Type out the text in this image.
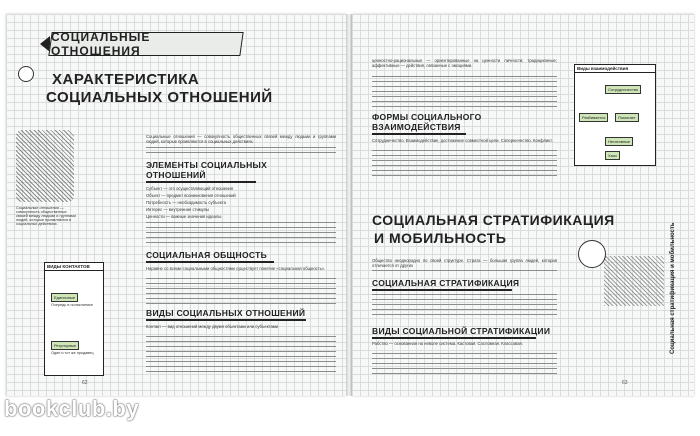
СОЦИАЛЬНЫЕ ОТНОШЕНИЯ
ХАРАКТЕРИСТИКА
СОЦИАЛЬНЫХ ОТНОШЕНИЙ
Социальные отношения — совокупность общественных связей между людьми и группами людей, которые проявляются в социальных действиях.
Социальные отношения — совокупность общественных связей между людьми и группами людей, которые проявляются в социальных действиях.
ЭЛЕМЕНТЫ СОЦИАЛЬНЫХ
ОТНОШЕНИЙ
Субъект — это осуществляющий отношения
Объект — предмет возникновения отношений
Потребность — необходимость субъекта
Интерес — внутренние стимулы
Ценности — важные значения идеалы
СОЦИАЛЬНАЯ ОБЩНОСТЬ
Наравне со всеми социальными общностями существует понятие «социальная общность».
ВИДЫ СОЦИАЛЬНЫХ ОТНОШЕНИЙ
Контакт — вид отношений между двумя объектами или субъектами
ВИДЫ КОНТАКТОВ
Единичные
Очередь в поликлинике
Регулярные
Один и тот же продавец
62
ценностно-рациональные — ориентированные на ценности личности; традиционные; аффективные — действия, связанные с эмоциями.
ФОРМЫ СОЦИАЛЬНОГО
ВЗАИМОДЕЙСТВИЯ
Сотрудничество. Взаимодействие, достижение совместной цели. Соперничество. Конфликт.
СОЦИАЛЬНАЯ СТРАТИФИКАЦИЯ
И МОБИЛЬНОСТЬ
Общество неоднородно по своей структуре. Страта — большая группа людей, которая отличается от других
СОЦИАЛЬНАЯ СТРАТИФИКАЦИЯ
ВИДЫ СОЦИАЛЬНОЙ СТРАТИФИКАЦИИ
Рабство — основанная на неволе система. Кастовая. Сословная. Классовая.
Виды взаимодействия
Сотрудничество
Разбивается	Помогает
Негативные
Хаос
Социальная стратификация и мобильность
63
bookclub.by
